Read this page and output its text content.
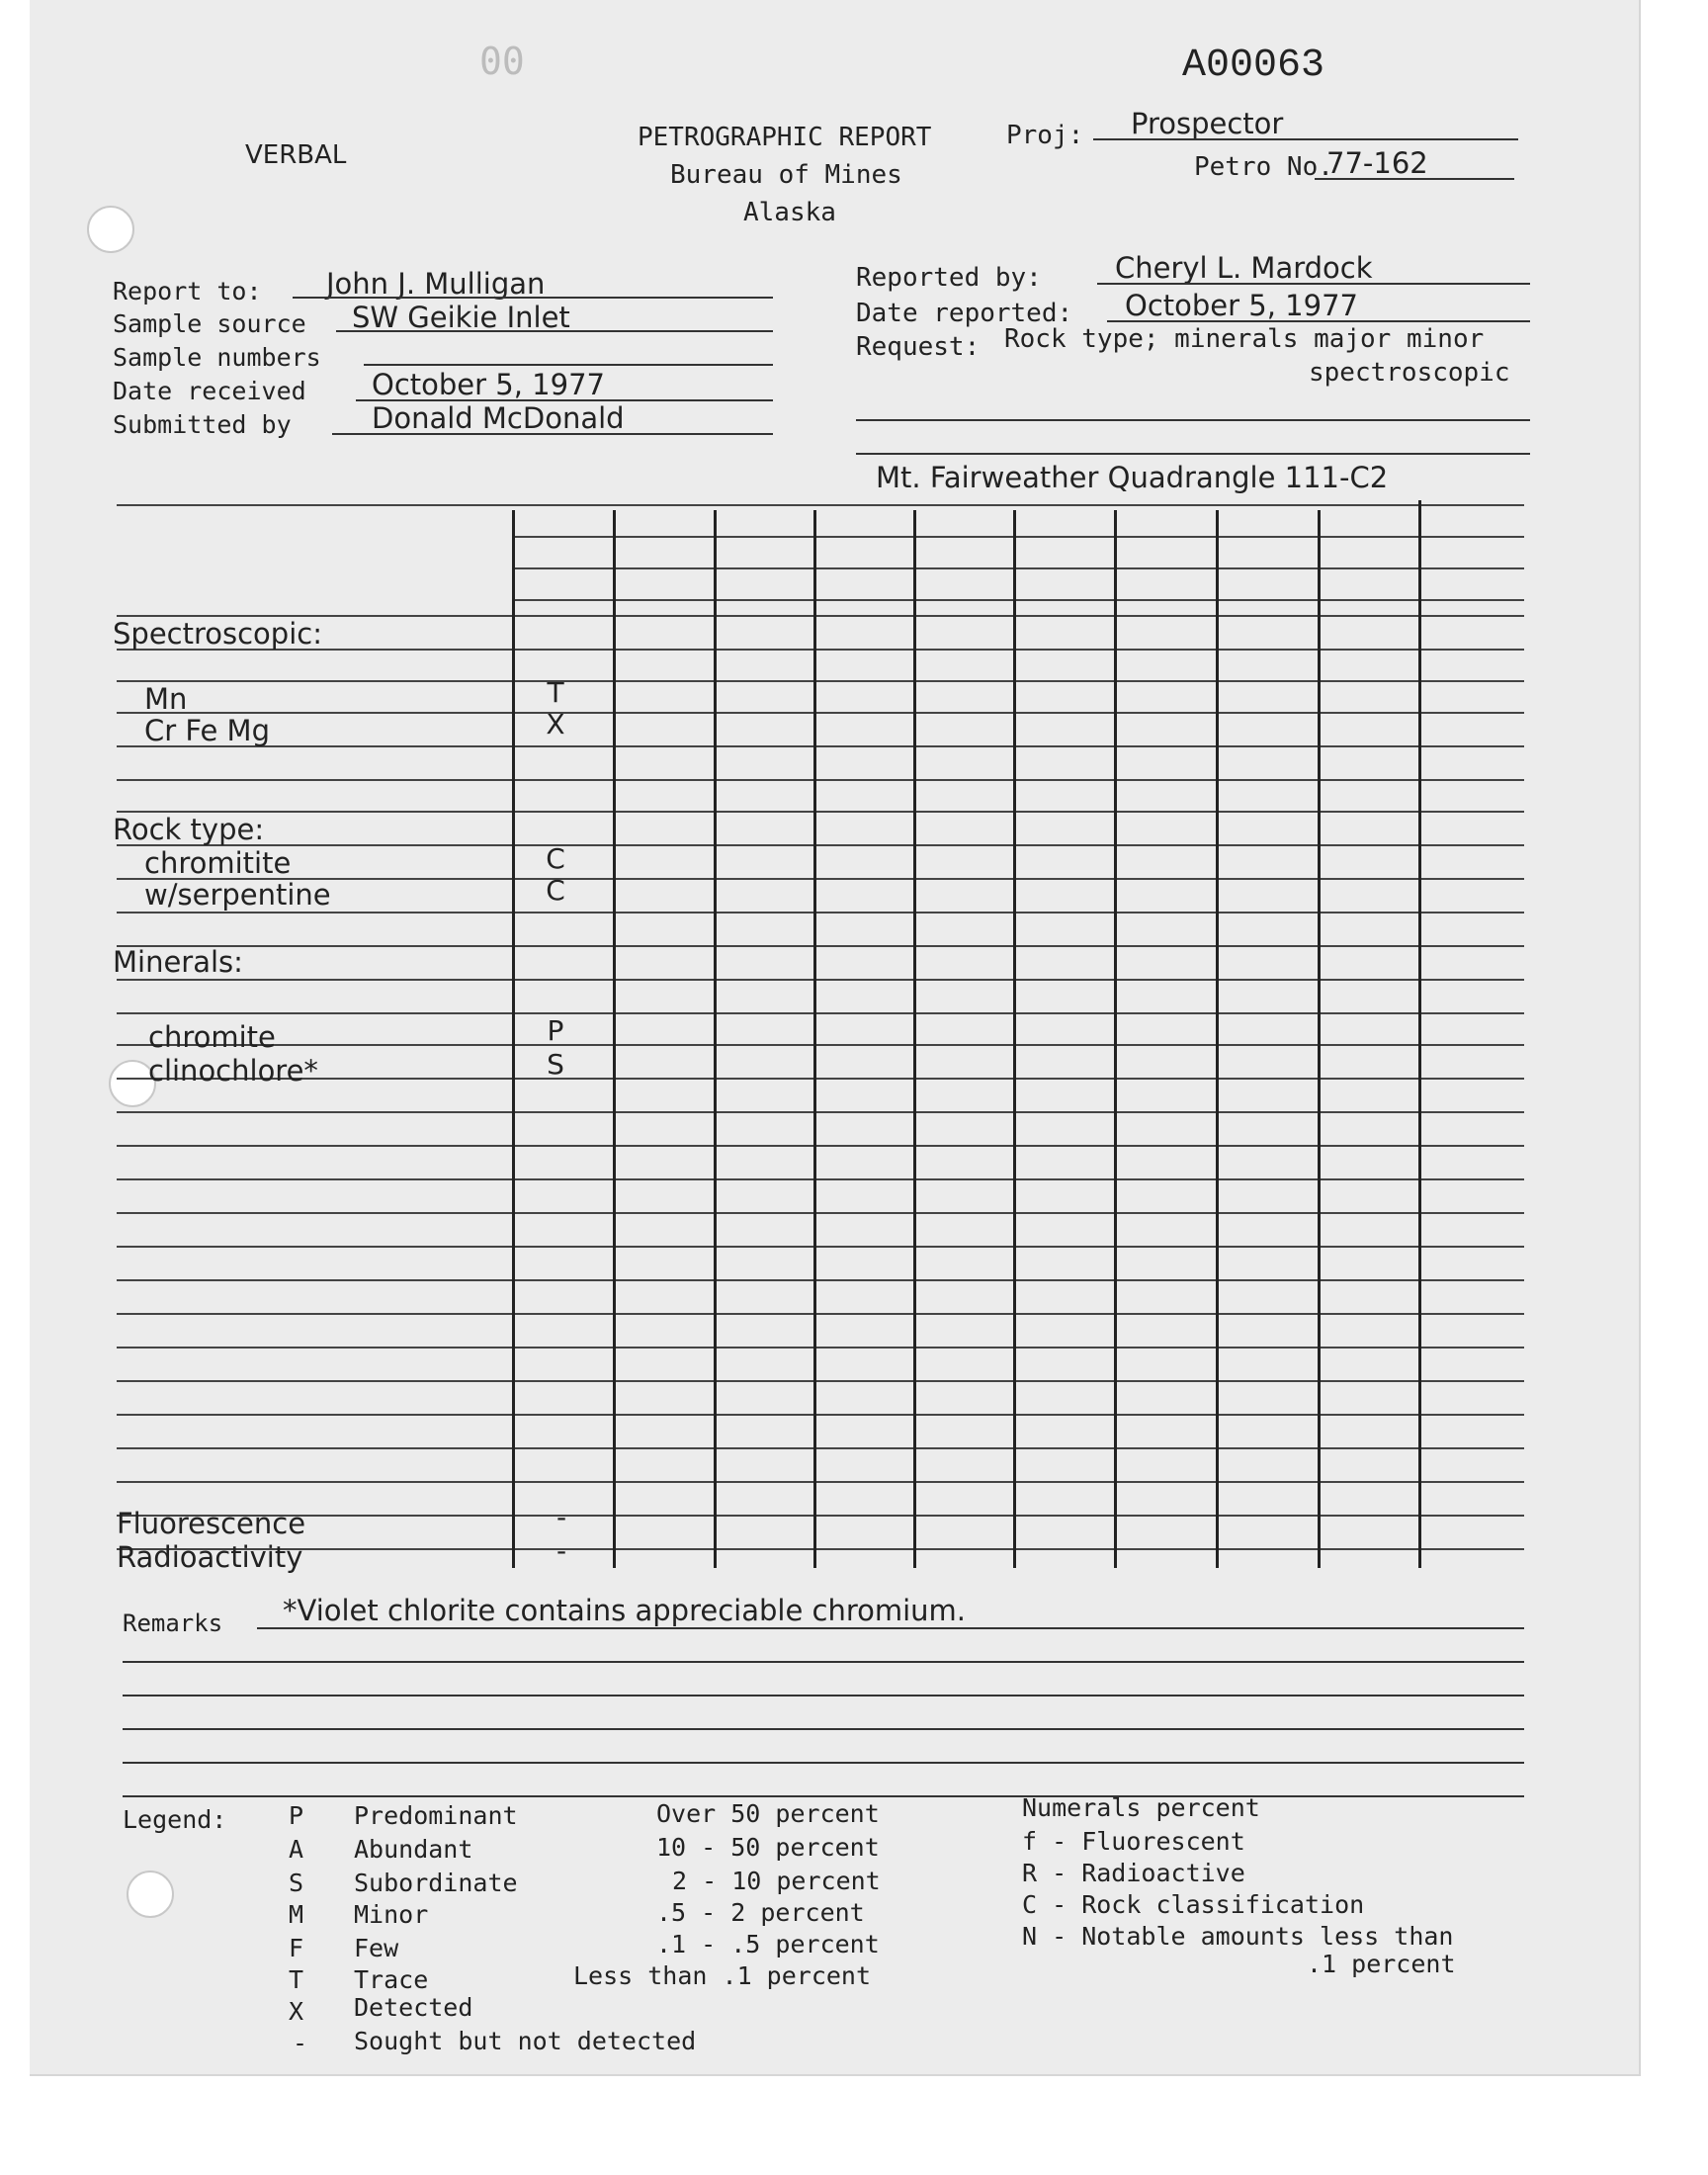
00	A00063
VERBAL
PETROGRAPHIC REPORT
Bureau of Mines
Alaska
Proj: Prospector
Petro No.
77-162
Report to: John J. Mulligan
Sample source SW Geikie Inlet
Sample numbers
Date received October 5, 1977
Submitted by	Donald McDonald
Reported by:	Cheryl L. Mardock
Date reported: October 5, 1977
Request: Rock type; minerals major minor
spectroscopic
Mt. Fairweather Quadrangle 111-C2
Spectroscopic:
Mn	T
Cr Fe Mg	X
Rock type:
chromitite	C
w/serpentine	C
Minerals:
chromite	P
clinochlore*	S
Fluorescence	-
Radioactivity	-
Remarks *Violet chlorite contains appreciable chromium.
Legend:	P Predominant	Over 50 percent
A Abundant	10 - 50 percent
S Subordinate	2 - 10 percent
M Minor	.5 - 2 percent
F Few	.1 - .5 percent
T Trace	Less than .1 percent
X Detected
- Sought but not detected
Numerals percent
f - Fluorescent
R - Radioactive
C - Rock classification
N - Notable amounts less than
.1 percent
